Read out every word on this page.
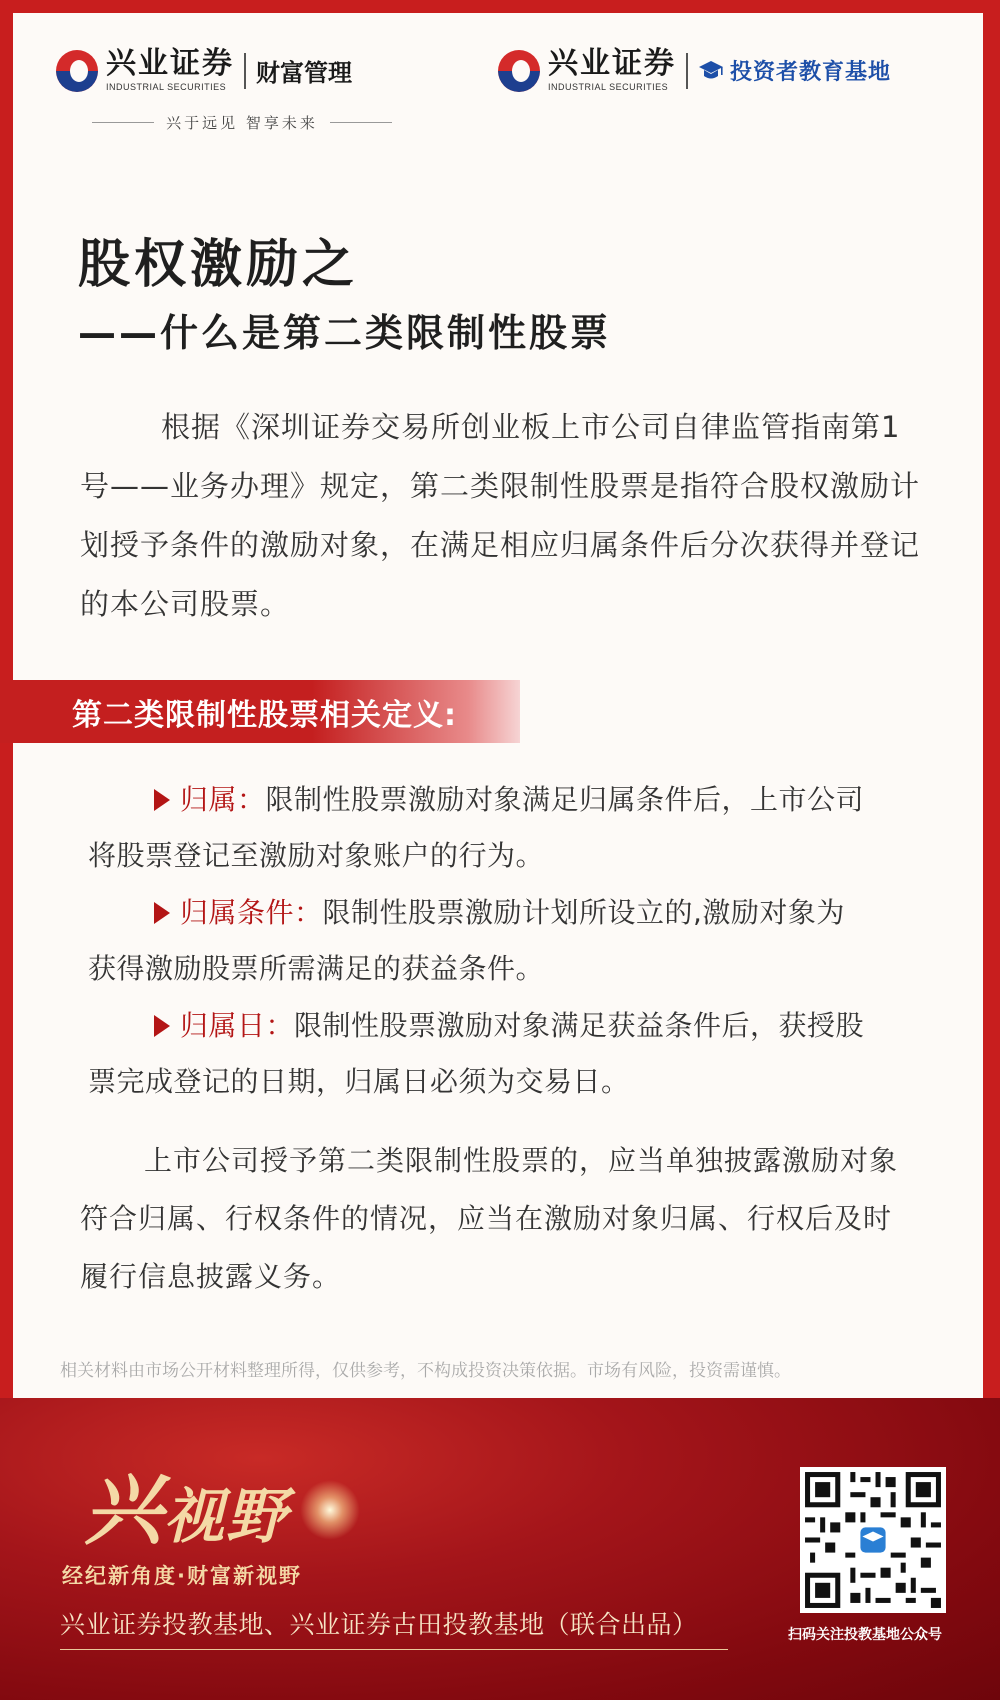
兴业证券
INDUSTRIAL SECURITIES	财富管理
兴于远见 智享未来
兴业证券
INDUSTRIAL SECURITIES
投资者教育基地
股权激励之
——什么是第二类限制性股票
根据《深圳证券交易所创业板上市公司自律监管指南第1号——业务办理》规定，第二类限制性股票是指符合股权激励计划授予条件的激励对象，在满足相应归属条件后分次获得并登记的本公司股票。
第二类限制性股票相关定义:
归属：限制性股票激励对象满足归属条件后，上市公司
将股票登记至激励对象账户的行为。
归属条件：限制性股票激励计划所设立的,激励对象为
获得激励股票所需满足的获益条件。
归属日：限制性股票激励对象满足获益条件后，获授股
票完成登记的日期，归属日必须为交易日。
上市公司授予第二类限制性股票的，应当单独披露激励对象符合归属、行权条件的情况，应当在激励对象归属、行权后及时履行信息披露义务。
相关材料由市场公开材料整理所得，仅供参考，不构成投资决策依据。市场有风险，投资需谨慎。
兴视野
经纪新角度·财富新视野
兴业证券投教基地、兴业证券古田投教基地（联合出品）	扫码关注投教基地公众号
